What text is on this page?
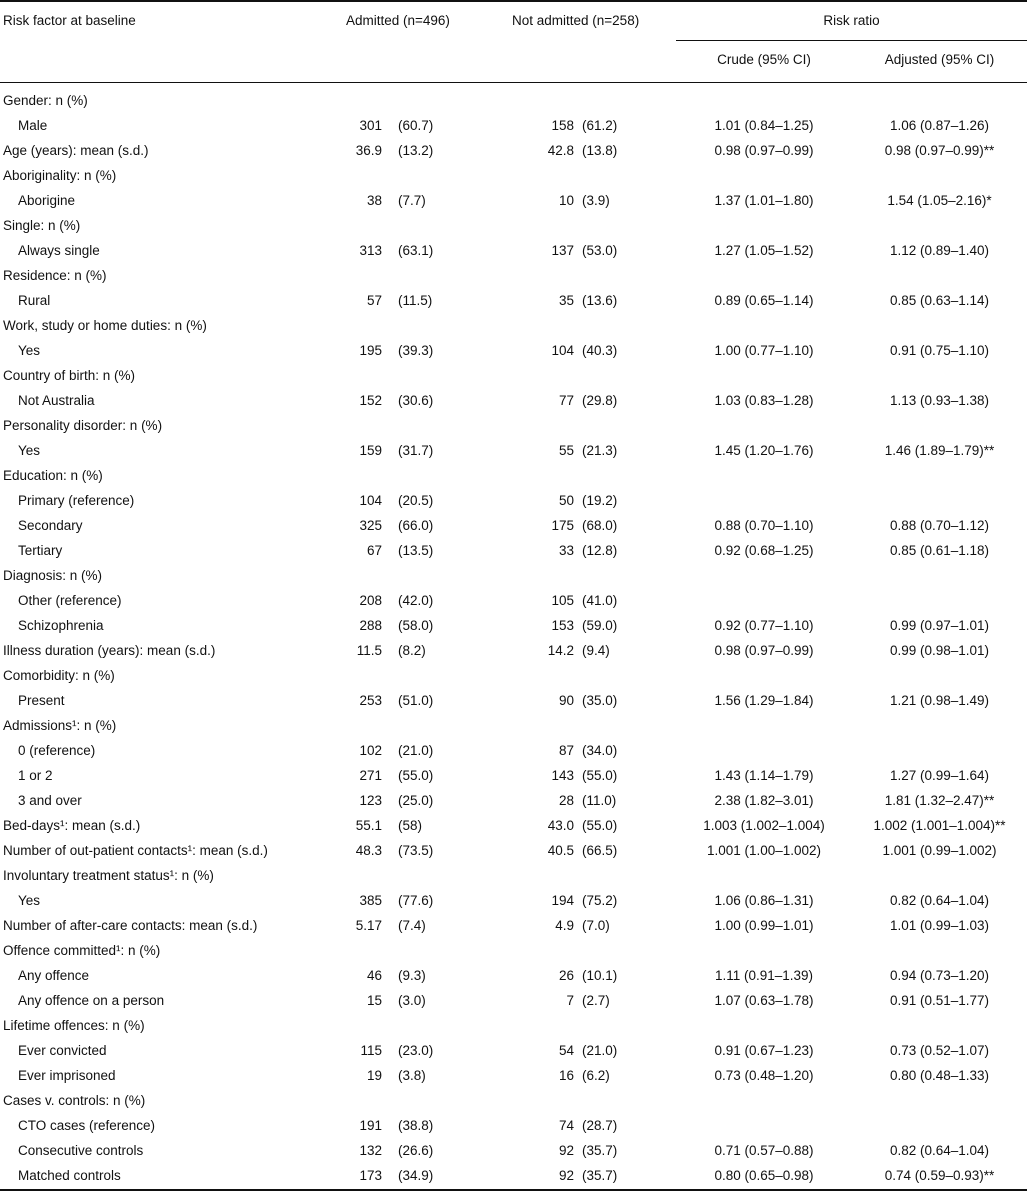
Risk factor at baseline	Admitted (n=496)	Not admitted (n=258)	Risk ratio
Crude (95% CI)	Adjusted (95% CI)
Gender: n (%)
Male	301 (60.7)	158 (61.2)	1.01 (0.84–1.25)	1.06 (0.87–1.26)
Age (years): mean (s.d.)	36.9 (13.2)	42.8 (13.8)	0.98 (0.97–0.99)	0.98 (0.97–0.99)**
Aboriginality: n (%)
Aborigine	38 (7.7)	10 (3.9)	1.37 (1.01–1.80)	1.54 (1.05–2.16)*
Single: n (%)
Always single	313 (63.1)	137 (53.0)	1.27 (1.05–1.52)	1.12 (0.89–1.40)
Residence: n (%)
Rural	57 (11.5)	35 (13.6)	0.89 (0.65–1.14)	0.85 (0.63–1.14)
Work, study or home duties: n (%)
Yes	195 (39.3)	104 (40.3)	1.00 (0.77–1.10)	0.91 (0.75–1.10)
Country of birth: n (%)
Not Australia	152 (30.6)	77 (29.8)	1.03 (0.83–1.28)	1.13 (0.93–1.38)
Personality disorder: n (%)
Yes	159 (31.7)	55 (21.3)	1.45 (1.20–1.76)	1.46 (1.89–1.79)**
Education: n (%)
Primary (reference)	104 (20.5)	50 (19.2)
Secondary	325 (66.0)	175 (68.0)	0.88 (0.70–1.10)	0.88 (0.70–1.12)
Tertiary	67 (13.5)	33 (12.8)	0.92 (0.68–1.25)	0.85 (0.61–1.18)
Diagnosis: n (%)
Other (reference)	208 (42.0)	105 (41.0)
Schizophrenia	288 (58.0)	153 (59.0)	0.92 (0.77–1.10)	0.99 (0.97–1.01)
Illness duration (years): mean (s.d.)	11.5 (8.2)	14.2 (9.4)	0.98 (0.97–0.99)	0.99 (0.98–1.01)
Comorbidity: n (%)
Present	253 (51.0)	90 (35.0)	1.56 (1.29–1.84)	1.21 (0.98–1.49)
Admissions¹: n (%)
0 (reference)	102 (21.0)	87 (34.0)
1 or 2	271 (55.0)	143 (55.0)	1.43 (1.14–1.79)	1.27 (0.99–1.64)
3 and over	123 (25.0)	28 (11.0)	2.38 (1.82–3.01)	1.81 (1.32–2.47)**
Bed-days¹: mean (s.d.)	55.1 (58)	43.0 (55.0)	1.003 (1.002–1.004)	1.002 (1.001–1.004)**
Number of out-patient contacts¹: mean (s.d.)	48.3 (73.5)	40.5 (66.5)	1.001 (1.00–1.002)	1.001 (0.99–1.002)
Involuntary treatment status¹: n (%)
Yes	385 (77.6)	194 (75.2)	1.06 (0.86–1.31)	0.82 (0.64–1.04)
Number of after-care contacts: mean (s.d.)	5.17 (7.4)	4.9 (7.0)	1.00 (0.99–1.01)	1.01 (0.99–1.03)
Offence committed¹: n (%)
Any offence	46 (9.3)	26 (10.1)	1.11 (0.91–1.39)	0.94 (0.73–1.20)
Any offence on a person	15 (3.0)	7 (2.7)	1.07 (0.63–1.78)	0.91 (0.51–1.77)
Lifetime offences: n (%)
Ever convicted	115 (23.0)	54 (21.0)	0.91 (0.67–1.23)	0.73 (0.52–1.07)
Ever imprisoned	19 (3.8)	16 (6.2)	0.73 (0.48–1.20)	0.80 (0.48–1.33)
Cases v. controls: n (%)
CTO cases (reference)	191 (38.8)	74 (28.7)
Consecutive controls	132 (26.6)	92 (35.7)	0.71 (0.57–0.88)	0.82 (0.64–1.04)
Matched controls	173 (34.9)	92 (35.7)	0.80 (0.65–0.98)	0.74 (0.59–0.93)**
